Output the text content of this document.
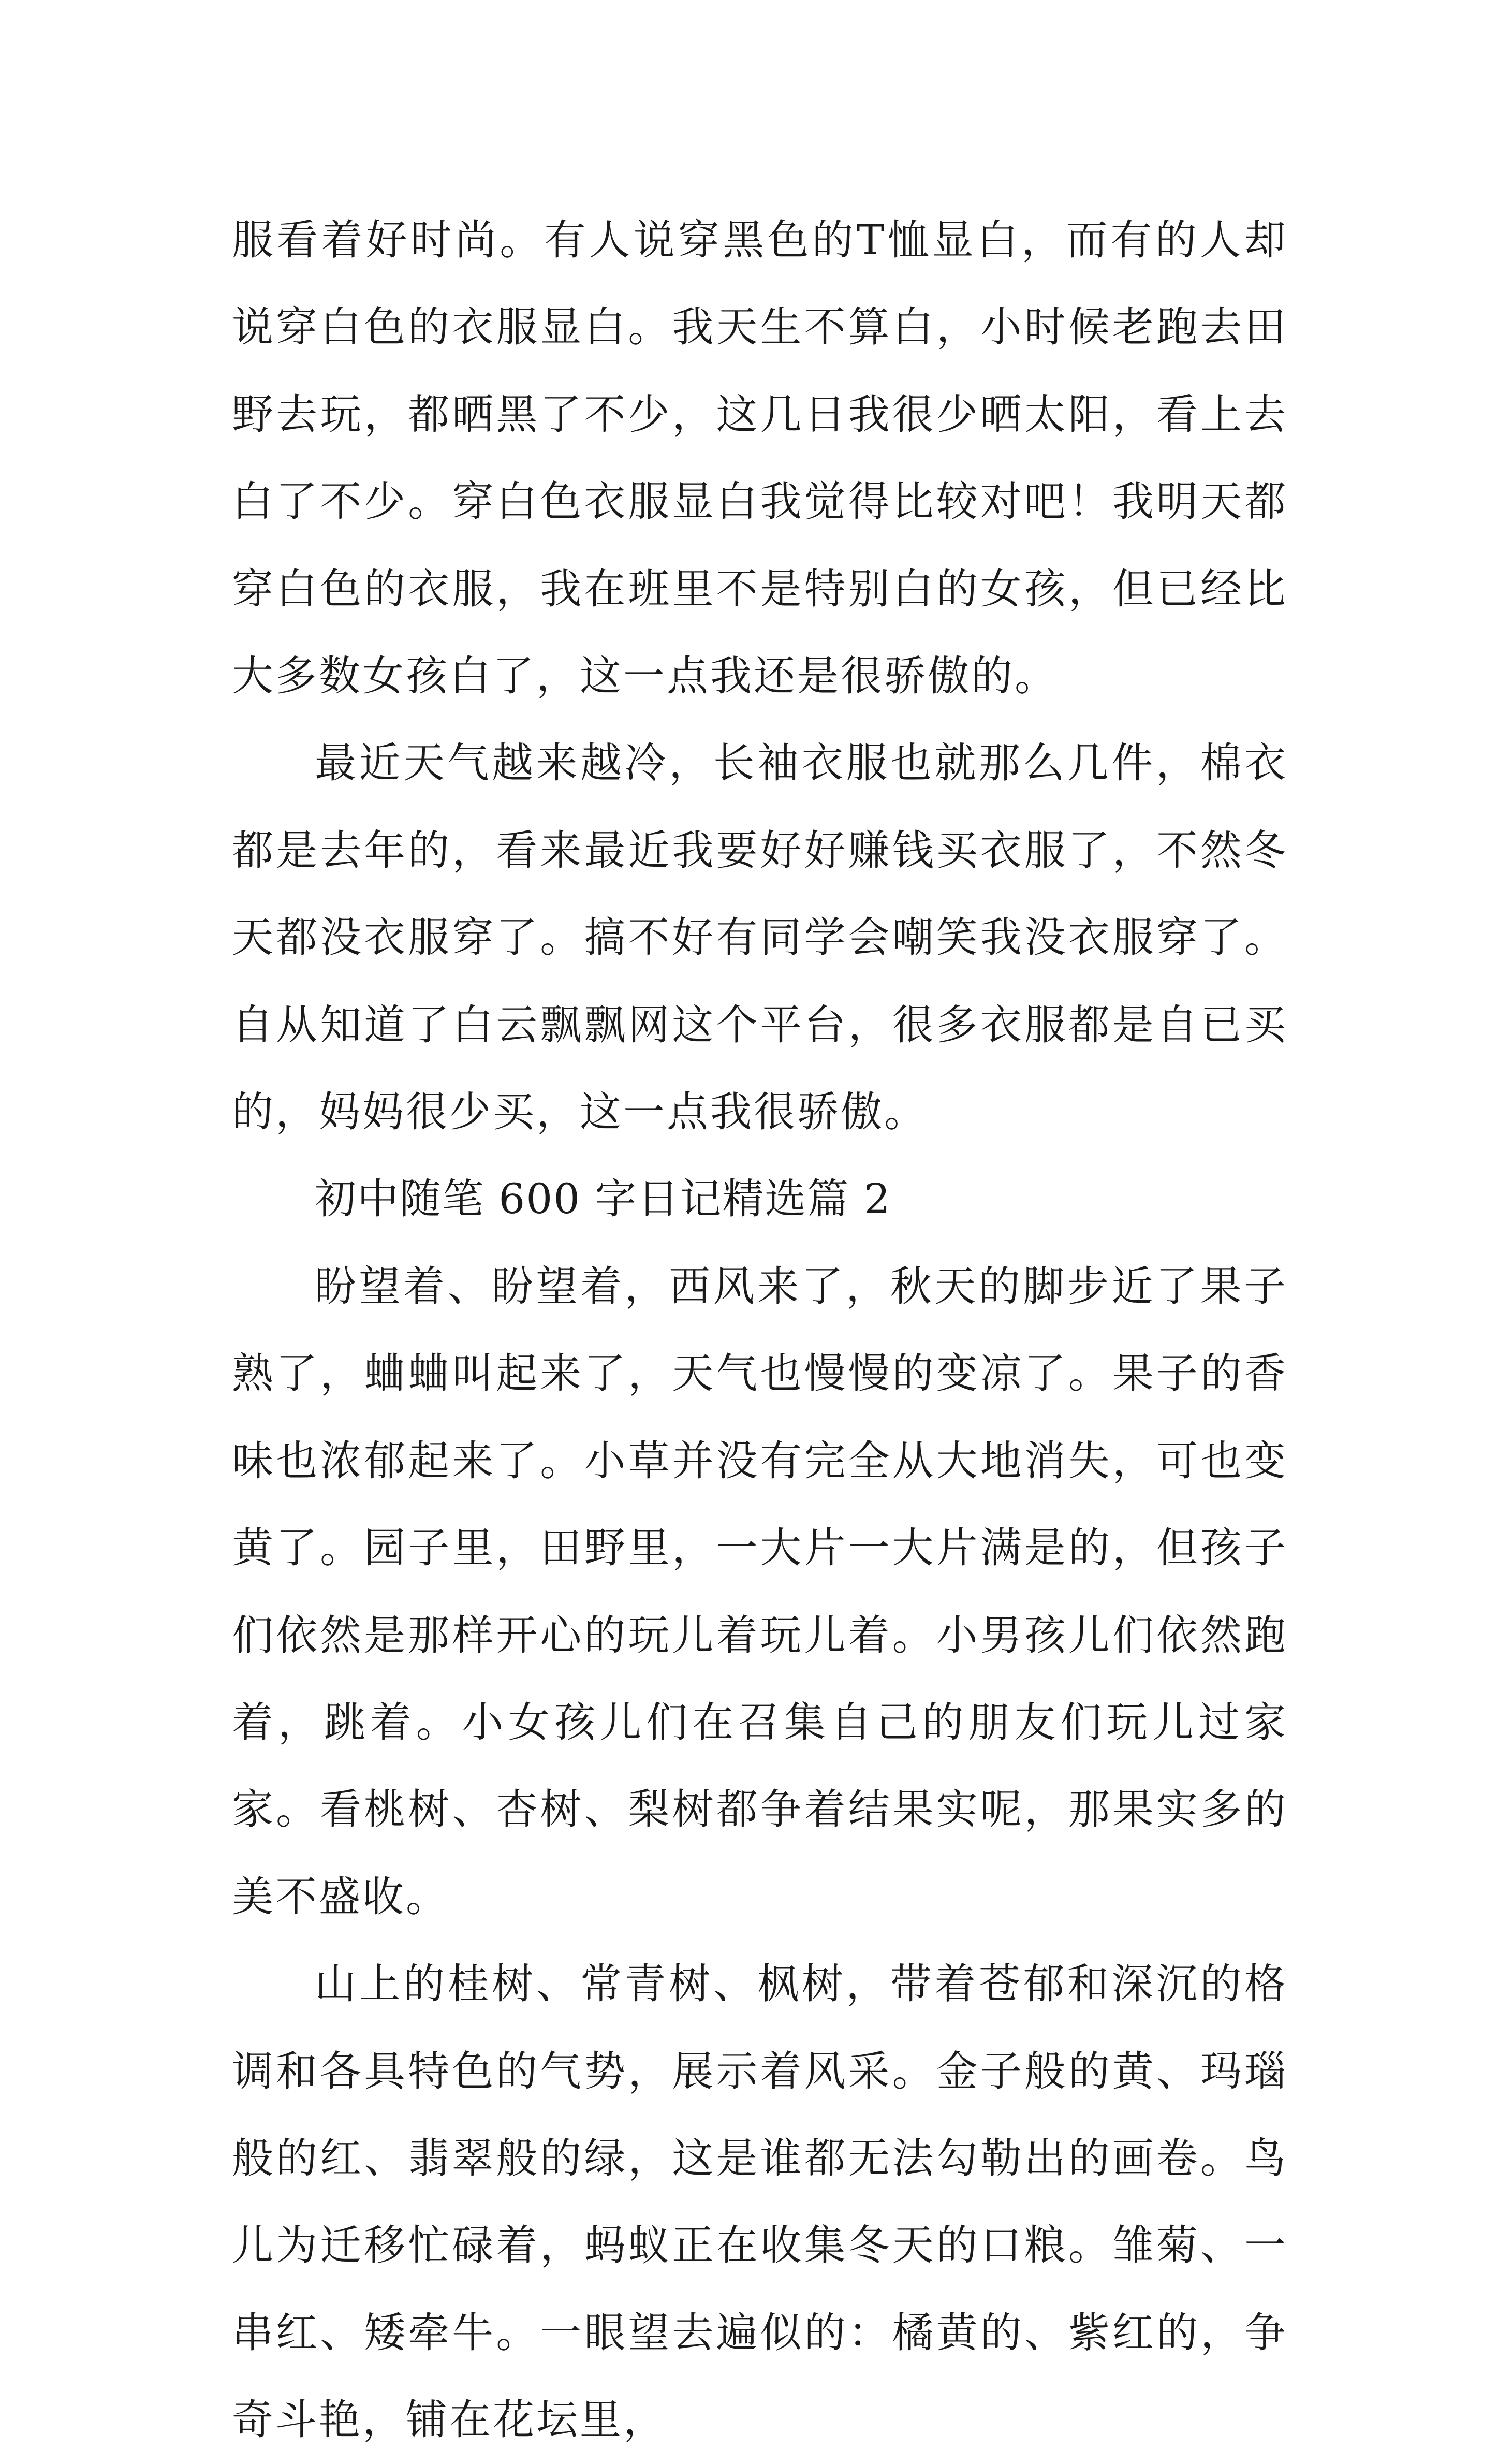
服看着好时尚。有人说穿黑色的T恤显白，而有的人却说穿白色的衣服显白。我天生不算白，小时候老跑去田野去玩，都晒黑了不少，这几日我很少晒太阳，看上去白了不少。穿白色衣服显白我觉得比较对吧！我明天都穿白色的衣服，我在班里不是特别白的女孩，但已经比大多数女孩白了，这一点我还是很骄傲的。

最近天气越来越冷，长袖衣服也就那么几件，棉衣都是去年的，看来最近我要好好赚钱买衣服了，不然冬天都没衣服穿了。搞不好有同学会嘲笑我没衣服穿了。自从知道了白云飘飘网这个平台，很多衣服都是自已买的，妈妈很少买，这一点我很骄傲。

初中随笔 600 字日记精选篇 2

盼望着、盼望着，西风来了，秋天的脚步近了果子熟了，蛐蛐叫起来了，天气也慢慢的变凉了。果子的香味也浓郁起来了。小草并没有完全从大地消失，可也变黄了。园子里，田野里，一大片一大片满是的，但孩子们依然是那样开心的玩儿着玩儿着。小男孩儿们依然跑着，跳着。小女孩儿们在召集自己的朋友们玩儿过家家。看桃树、杏树、梨树都争着结果实呢，那果实多的美不盛收。

山上的桂树、常青树、枫树，带着苍郁和深沉的格调和各具特色的气势，展示着风采。金子般的黄、玛瑙般的红、翡翠般的绿，这是谁都无法勾勒出的画卷。鸟儿为迁移忙碌着，蚂蚁正在收集冬天的口粮。雏菊、一串红、矮牵牛。一眼望去遍似的：橘黄的、紫红的，争奇斗艳，铺在花坛里，
